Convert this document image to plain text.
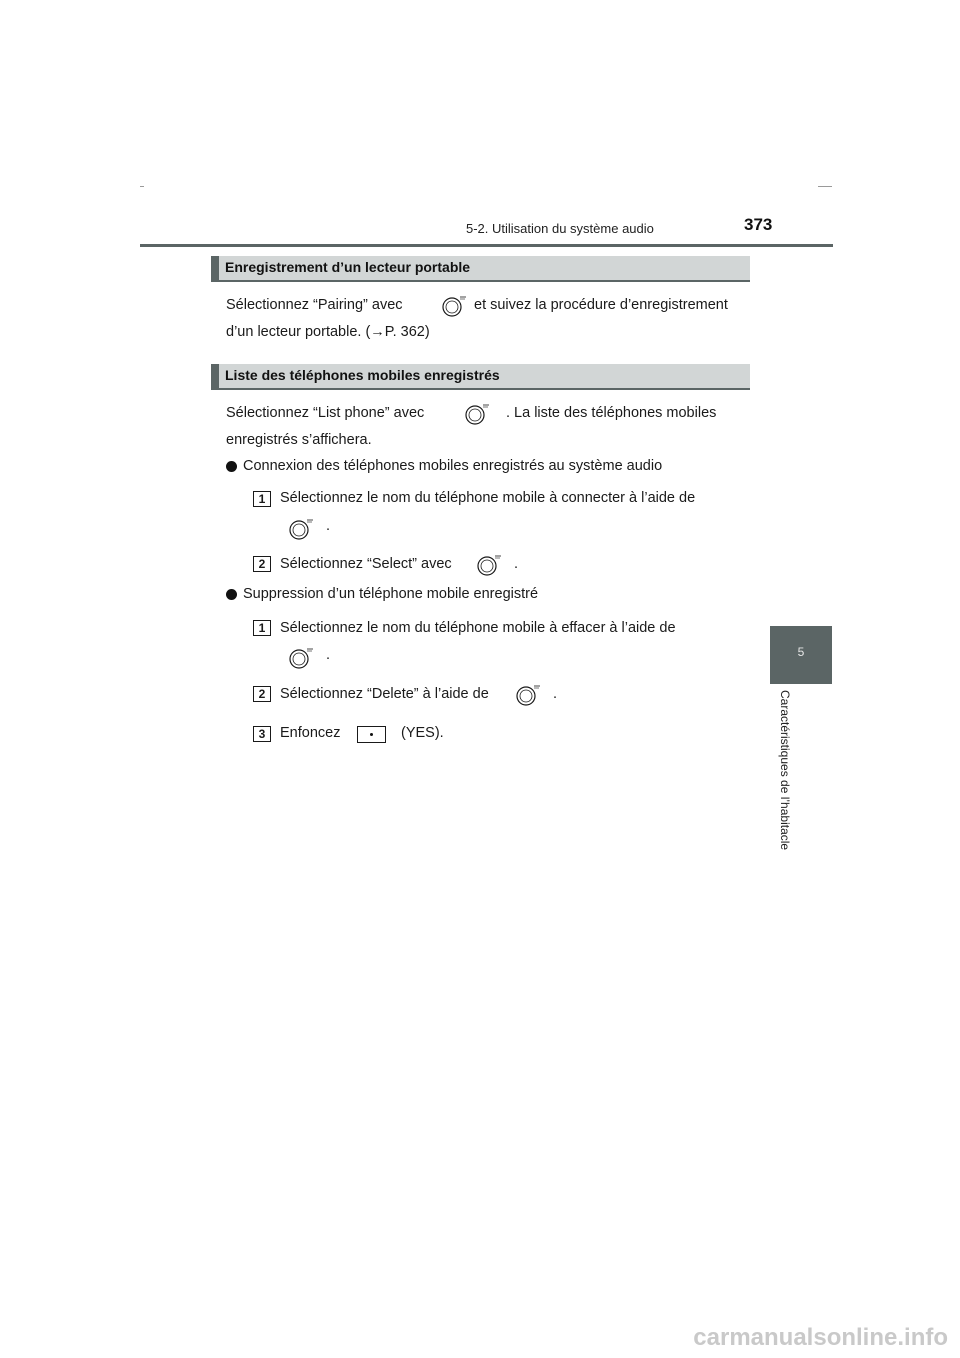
5-2. Utilisation du système audio	373
5
Caractéristiques de l’habitacle
Enregistrement d’un lecteur portable
Sélectionnez “Pairing” avec	et suivez la procédure d’enregistrement
d’un lecteur portable. (→P. 362)
Liste des téléphones mobiles enregistrés
Sélectionnez “List phone” avec	. La liste des téléphones mobiles
enregistrés s’affichera.
Connexion des téléphones mobiles enregistrés au système audio
1	Sélectionnez le nom du téléphone mobile à connecter à l’aide de
.
2	Sélectionnez “Select” avec	.
Suppression d’un téléphone mobile enregistré
1	Sélectionnez le nom du téléphone mobile à effacer à l’aide de
.
2	Sélectionnez “Delete” à l’aide de	.
3	Enfoncez	(YES).
carmanualsonline.info
